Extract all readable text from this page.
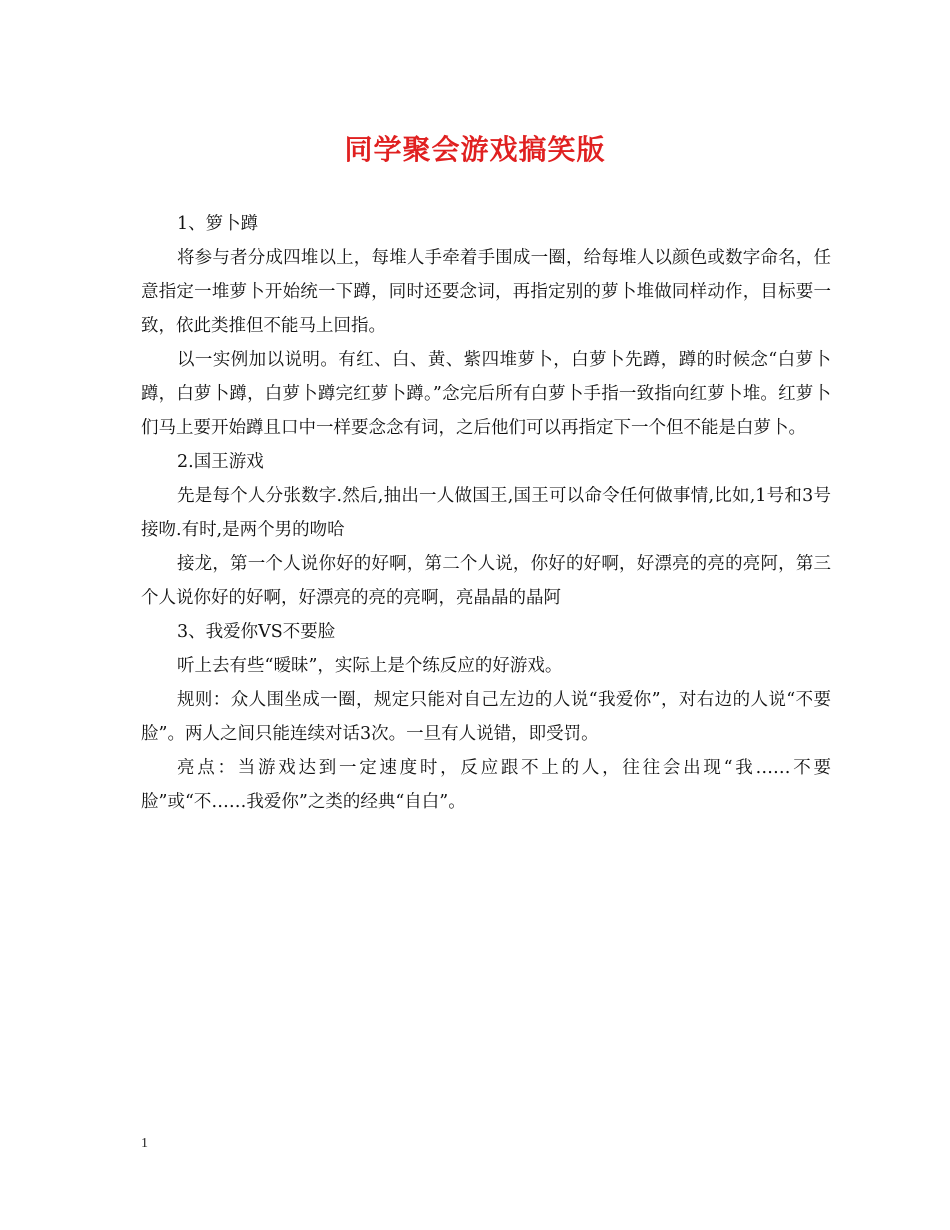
同学聚会游戏搞笑版

1、箩卜蹲

将参与者分成四堆以上，每堆人手牵着手围成一圈，给每堆人以颜色或数字命名，任意指定一堆萝卜开始统一下蹲，同时还要念词，再指定别的萝卜堆做同样动作，目标要一致，依此类推但不能马上回指。

以一实例加以说明。有红、白、黄、紫四堆萝卜，白萝卜先蹲，蹲的时候念“白萝卜蹲，白萝卜蹲，白萝卜蹲完红萝卜蹲。”念完后所有白萝卜手指一致指向红萝卜堆。红萝卜们马上要开始蹲且口中一样要念念有词，之后他们可以再指定下一个但不能是白萝卜。

2.国王游戏

先是每个人分张数字.然后,抽出一人做国王,国王可以命令任何做事情,比如,1号和3号接吻.有时,是两个男的吻哈

接龙，第一个人说你好的好啊，第二个人说，你好的好啊，好漂亮的亮的亮阿，第三个人说你好的好啊，好漂亮的亮的亮啊，亮晶晶的晶阿

3、我爱你VS不要脸

听上去有些“暧昧”，实际上是个练反应的好游戏。

规则：众人围坐成一圈，规定只能对自己左边的人说“我爱你”，对右边的人说“不要脸”。两人之间只能连续对话3次。一旦有人说错，即受罚。

亮点：当游戏达到一定速度时，反应跟不上的人，往往会出现“我……不要脸”或“不……我爱你”之类的经典“自白”。

1
